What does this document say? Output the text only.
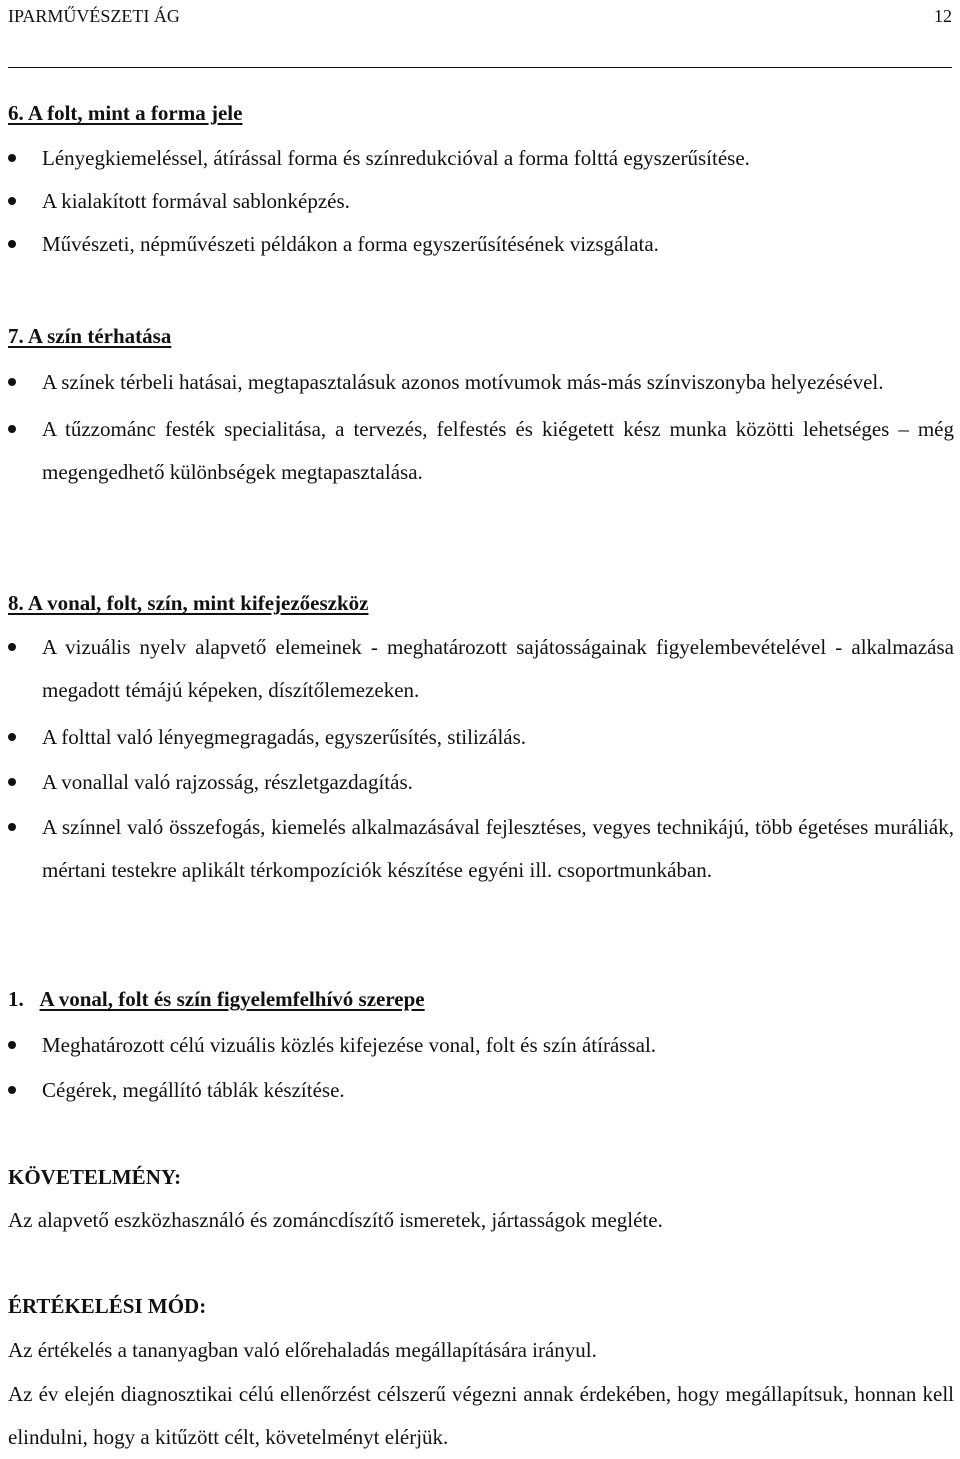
IPARMŰVÉSZETI ÁG	12
6. A folt, mint a forma jele
Lényegkiemeléssel, átírással forma és színredukcióval a forma folttá egyszerűsítése.
A kialakított formával sablonképzés.
Művészeti, népművészeti példákon a forma egyszerűsítésének vizsgálata.
7. A szín térhatása
A színek térbeli hatásai, megtapasztalásuk azonos motívumok más-más színviszonyba helyezésével.
A tűzzománc festék specialitása, a tervezés, felfestés és kiégetett kész munka közötti lehetséges – még megengedhető különbségek megtapasztalása.
8. A vonal, folt, szín, mint kifejezőeszköz
A vizuális nyelv alapvető elemeinek - meghatározott sajátosságainak figyelembevételével - alkalmazása megadott témájú képeken, díszítőlemezeken.
A folttal való lényegmegragadás, egyszerűsítés, stilizálás.
A vonallal való rajzosság, részletgazdagítás.
A színnel való összefogás, kiemelés alkalmazásával fejlesztéses, vegyes technikájú, több égetéses muráliák, mértani testekre aplikált térkompozíciók készítése egyéni ill. csoportmunkában.
1. A vonal, folt és szín figyelemfelhívó szerepe
Meghatározott célú vizuális közlés kifejezése vonal, folt és szín átírással.
Cégérek, megállító táblák készítése.
KÖVETELMÉNY:

Az alapvető eszközhasználó és zománcdíszítő ismeretek, jártasságok megléte.

ÉRTÉKELÉSI MÓD:

Az értékelés a tananyagban való előrehaladás megállapítására irányul.

Az év elején diagnosztikai célú ellenőrzést célszerű végezni annak érdekében, hogy megállapítsuk, honnan kell elindulni, hogy a kitűzött célt, követelményt elérjük.
